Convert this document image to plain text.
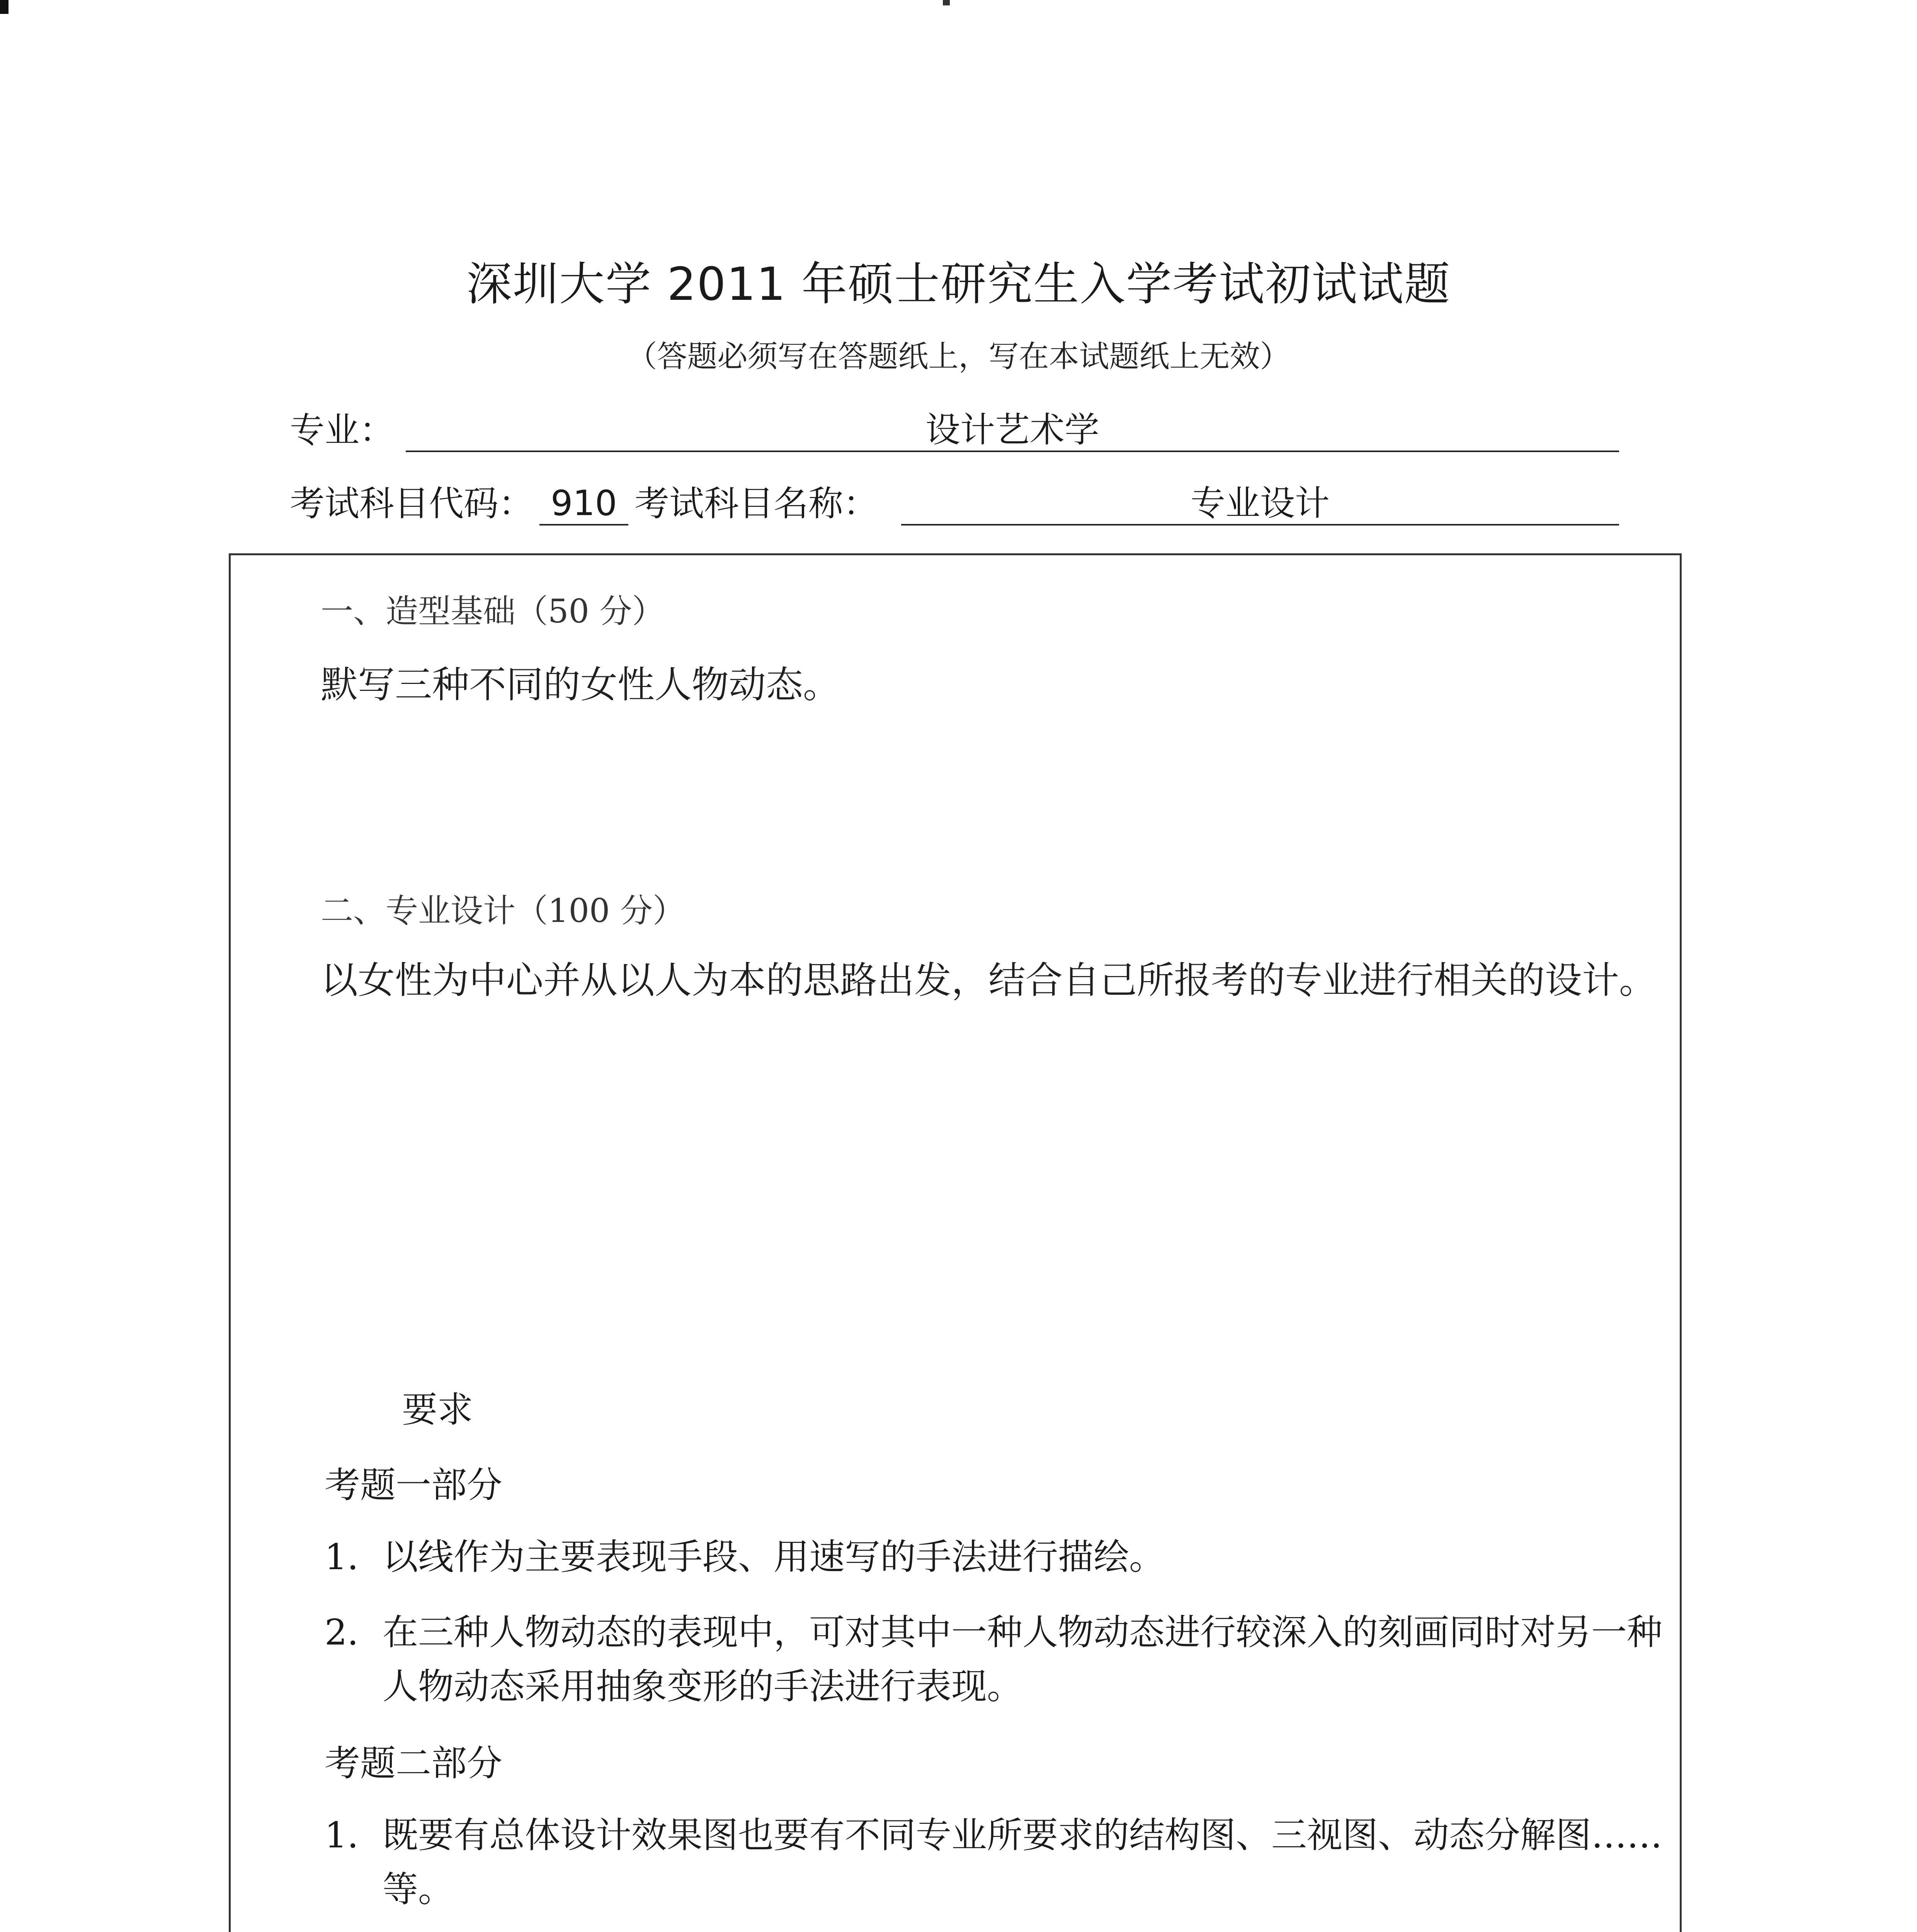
深圳大学 2011 年硕士研究生入学考试初试试题
（答题必须写在答题纸上，写在本试题纸上无效）
专业：	设计艺术学
考试科目代码： 910 考试科目名称：	专业设计
一、造型基础（50 分）
默写三种不同的女性人物动态。
二、专业设计（100 分）
以女性为中心并从以人为本的思路出发，结合自己所报考的专业进行相关的设计。
要求
考题一部分
1. 以线作为主要表现手段、用速写的手法进行描绘。
2. 在三种人物动态的表现中，可对其中一种人物动态进行较深入的刻画同时对另一种人物动态采用抽象变形的手法进行表现。
考题二部分
1. 既要有总体设计效果图也要有不同专业所要求的结构图、三视图、动态分解图……等。
